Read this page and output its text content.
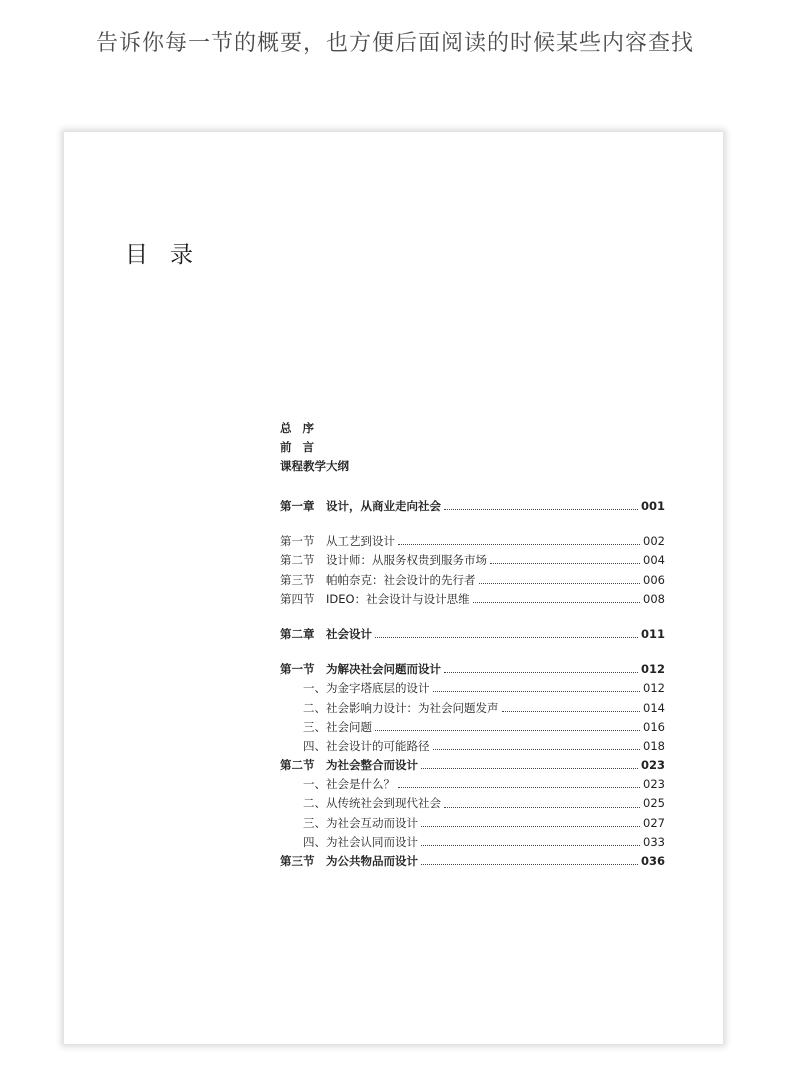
告诉你每一节的概要，也方便后面阅读的时候某些内容查找
目录
总序
前言
课程教学大纲
第一章	设计，从商业走向社会	001
第一节	从工艺到设计	002
第二节	设计师：从服务权贵到服务市场	004
第三节	帕帕奈克：社会设计的先行者	006
第四节	IDEO：社会设计与设计思维	008
第二章	社会设计	011
第一节	为解决社会问题而设计	012
一、 为金字塔底层的设计	012
二、 社会影响力设计：为社会问题发声	014
三、 社会问题	016
四、 社会设计的可能路径	018
第二节	为社会整合而设计	023
一、 社会是什么？	023
二、 从传统社会到现代社会	025
三、 为社会互动而设计	027
四、 为社会认同而设计	033
第三节	为公共物品而设计	036
